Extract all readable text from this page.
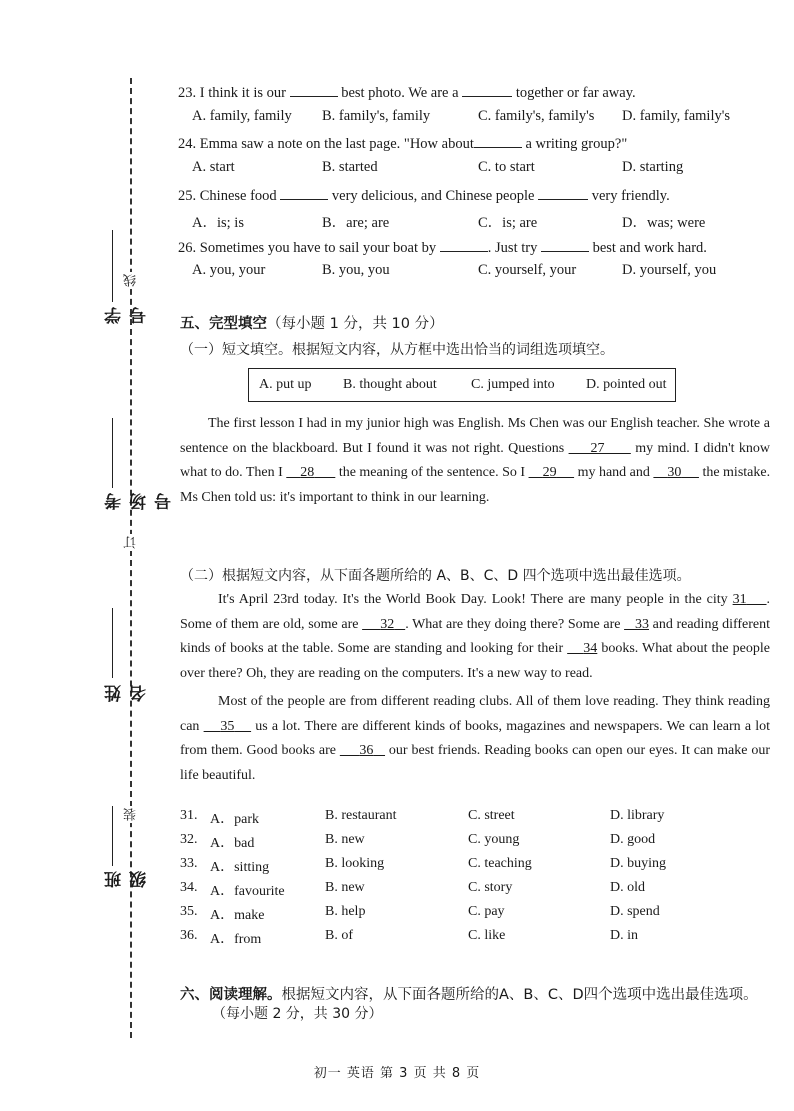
线
订
装
学号
考场号
姓名
班级
23. I think it is our	best photo. We are a	together or far away.
A. family, family B. family's, family	C. family's, family's D. family, family's
24. Emma saw a note on the last page. "How about	a writing group?"
A. start	B. started	C. to start	D. starting
25. Chinese food	very delicious, and Chinese people	very friendly.
A．is; is	B．are; are	C．is; are	D．was; were
26. Sometimes you have to sail your boat by	. Just try	best and work hard.
A. you, your	B. you, you	C. yourself, your	D. yourself, you
五、完型填空（每小题 1 分，共 10 分）
（一）短文填空。根据短文内容，从方框中选出恰当的词组选项填空。
A. put up B. thought about C. jumped into D. pointed out

The first lesson I had in my junior high was English. Ms Chen was our English teacher. She wrote a sentence on the blackboard. But I found it was not right. Questions      27       my mind. I didn't know what to do. Then I     28       the meaning of the sentence. So I     29      my hand and     30      the mistake. Ms Chen told us: it's important to think in our learning.

（二）根据短文内容，从下面各题所给的 A、B、C、D 四个选项中选出最佳选项。

It's April 23rd today. It's the World Book Day. Look! There are many people in the city 31 . Some of them are old, some are      32 . What are they doing there? Some are    33 and reading different kinds of books at the table. Some are standing and looking for their     34 books. What about the people over there? Oh, they are reading on the computers. It's a new way to read.

Most of the people are from different reading clubs. All of them love reading. They think reading can     35     us a lot. There are different kinds of books, magazines and newspapers. We can learn a lot from them. Good books are      36    our best friends. Reading books can open our eyes. It can make our life beautiful.

31. A．park	B. restaurant	C. street	D. library
32. A．bad	B. new	C. young	D. good
33. A．sitting	B. looking	C. teaching	D. buying
34. A．favourite	B. new	C. story	D. old
35. A．make	B. help	C. pay	D. spend
36. A．from	B. of	C. like	D. in
六、阅读理解。根据短文内容，从下面各题所给的A、B、C、D四个选项中选出最佳选项。
（每小题 2 分，共 30 分）
初一 英语 第 3 页 共 8 页
